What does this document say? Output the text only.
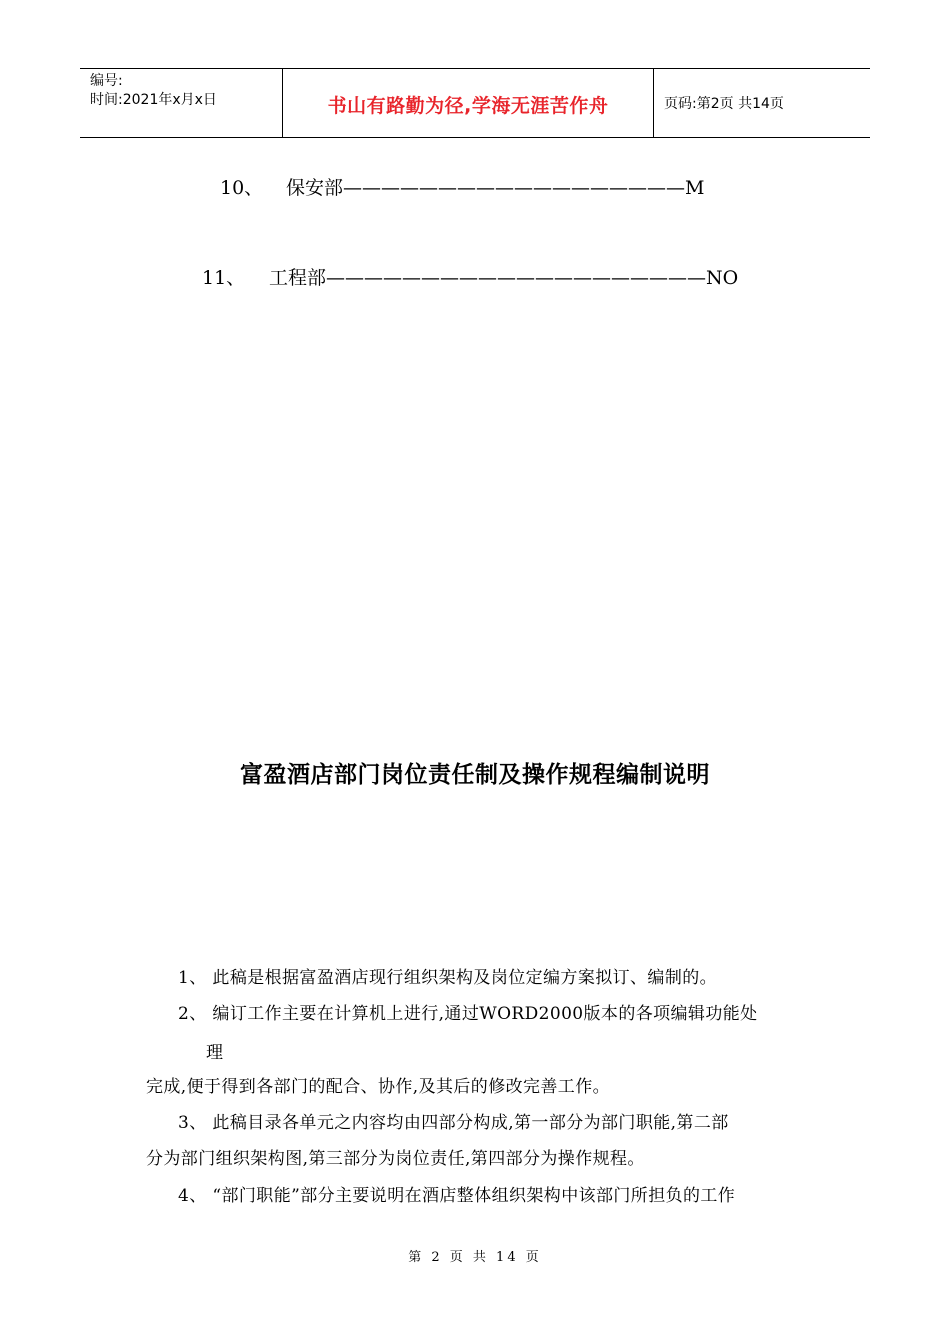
编号:
时间:2021年x月x日	书山有路勤为径,学海无涯苦作舟	页码:第2页 共14页
10、	保安部 —————————————————— M
11、	工程部 ———————————————————— NO
富盈酒店部门岗位责任制及操作规程编制说明
1、 此稿是根据富盈酒店现行组织架构及岗位定编方案拟订、编制的。
2、 编订工作主要在计算机上进行,通过WORD2000版本的各项编辑功能处
理
完成,便于得到各部门的配合、协作,及其后的修改完善工作。
3、 此稿目录各单元之内容均由四部分构成,第一部分为部门职能,第二部
分为部门组织架构图,第三部分为岗位责任,第四部分为操作规程。
4、 “部门职能”部分主要说明在酒店整体组织架构中该部门所担负的工作
第 2 页 共 14 页
